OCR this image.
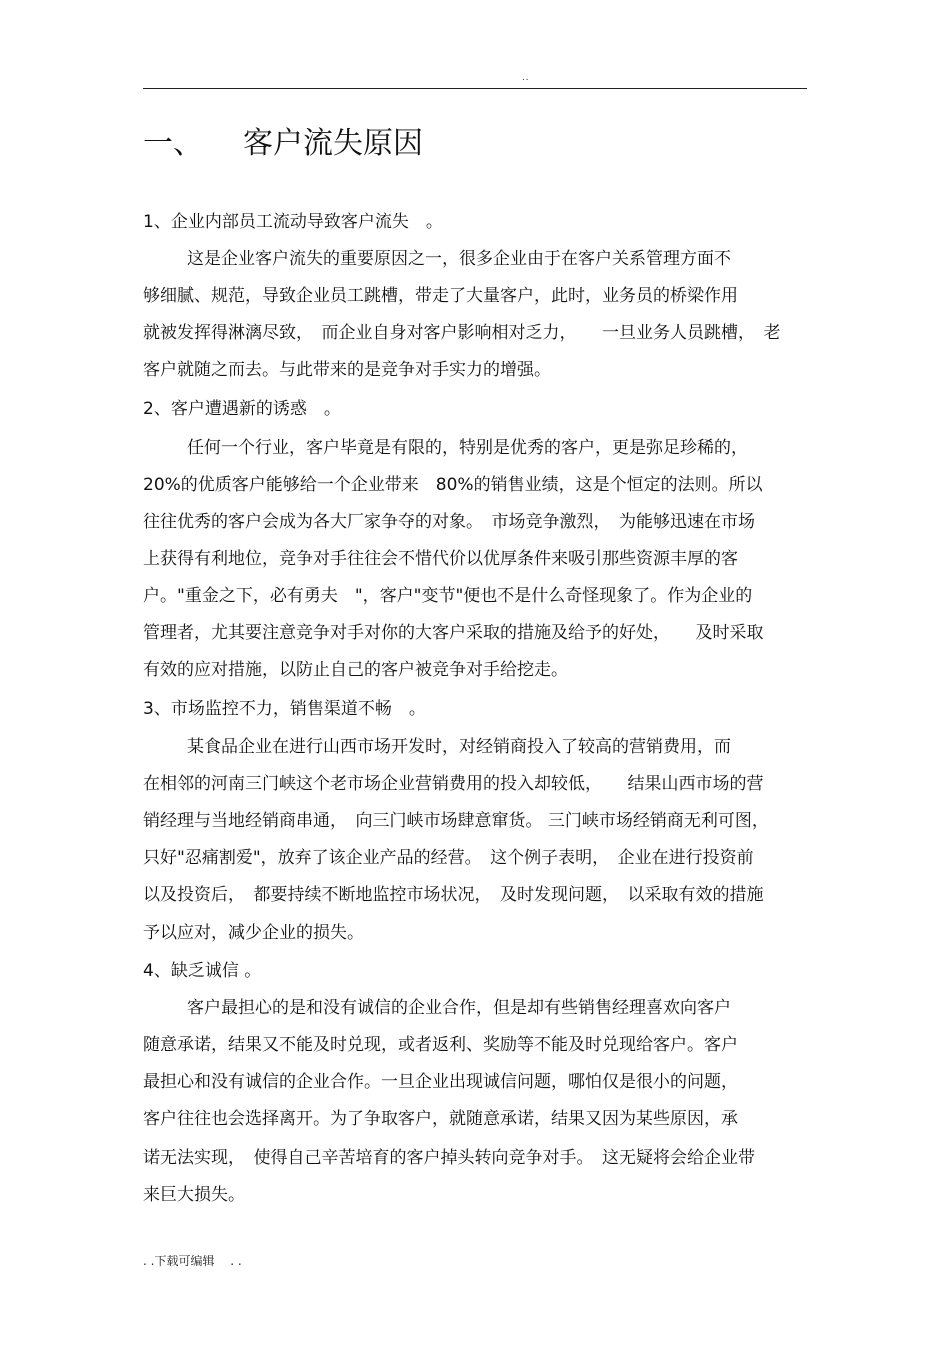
..
一、 客户流失原因
1、企业内部员工流动导致客户流失　。
这是企业客户流失的重要原因之一，很多企业由于在客户关系管理方面不
够细腻、规范，导致企业员工跳槽，带走了大量客户，此时，业务员的桥梁作用
就被发挥得淋漓尽致，　而企业自身对客户影响相对乏力，　　一旦业务人员跳槽，　老
客户就随之而去。与此带来的是竞争对手实力的增强。
2、客户遭遇新的诱惑　。
任何一个行业，客户毕竟是有限的，特别是优秀的客户，更是弥足珍稀的，
20%的优质客户能够给一个企业带来　80%的销售业绩，这是个恒定的法则。所以
往往优秀的客户会成为各大厂家争夺的对象。　市场竞争激烈，　为能够迅速在市场
上获得有利地位，竞争对手往往会不惜代价以优厚条件来吸引那些资源丰厚的客
户。"重金之下，必有勇夫　"，客户"变节"便也不是什么奇怪现象了。作为企业的
管理者，尤其要注意竞争对手对你的大客户采取的措施及给予的好处，　　及时采取
有效的应对措施，以防止自己的客户被竞争对手给挖走。
3、市场监控不力，销售渠道不畅　。
某食品企业在进行山西市场开发时，对经销商投入了较高的营销费用，而
在相邻的河南三门峡这个老市场企业营销费用的投入却较低，　　结果山西市场的营
销经理与当地经销商串通，　向三门峡市场肆意窜货。 三门峡市场经销商无利可图，
只好"忍痛割爱"，放弃了该企业产品的经营。　这个例子表明，　企业在进行投资前
以及投资后，　都要持续不断地监控市场状况，　及时发现问题，　以采取有效的措施
予以应对，减少企业的损失。
4、缺乏诚信 。
客户最担心的是和没有诚信的企业合作，但是却有些销售经理喜欢向客户
随意承诺，结果又不能及时兑现，或者返利、奖励等不能及时兑现给客户。客户
最担心和没有诚信的企业合作。一旦企业出现诚信问题，哪怕仅是很小的问题，
客户往往也会选择离开。为了争取客户，就随意承诺，结果又因为某些原因，承
诺无法实现，　使得自己辛苦培育的客户掉头转向竞争对手。　这无疑将会给企业带
来巨大损失。
. .下载可编辑　 . .
